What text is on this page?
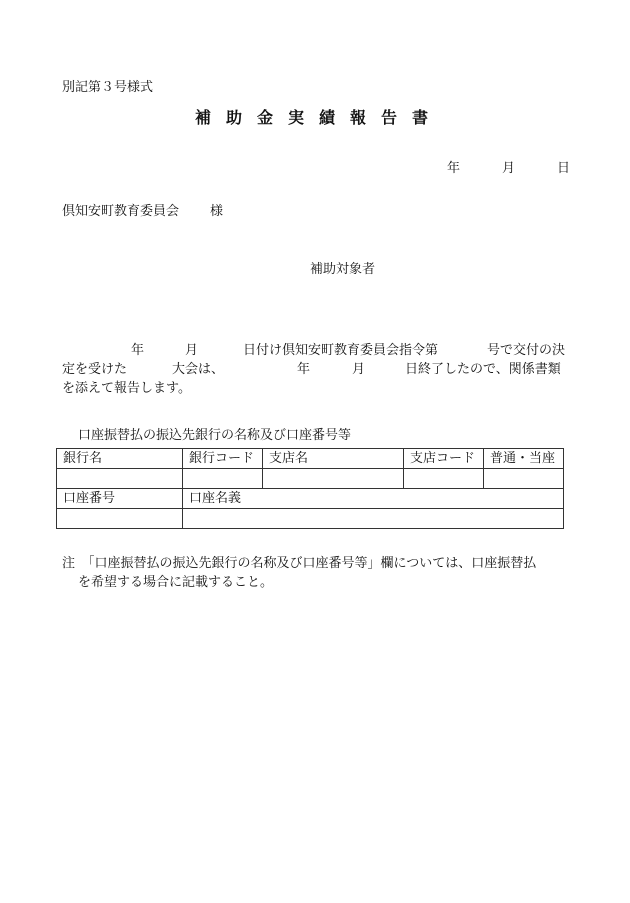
別記第３号様式
補助金実績報告書
年	月	日
倶知安町教育委員会 様
補助対象者
年	月	日付け倶知安町教育委員会指令第	号で交付の決
定を受けた	大会は、	年	月	日終了したので、関係書類
を添えて報告します。
口座振替払の振込先銀行の名称及び口座番号等
銀行名	銀行コード	支店名	支店コード	普通・当座

口座番号	口座名義			

注　「口座振替払の振込先銀行の名称及び口座番号等」欄については、口座振替払
を希望する場合に記載すること。
